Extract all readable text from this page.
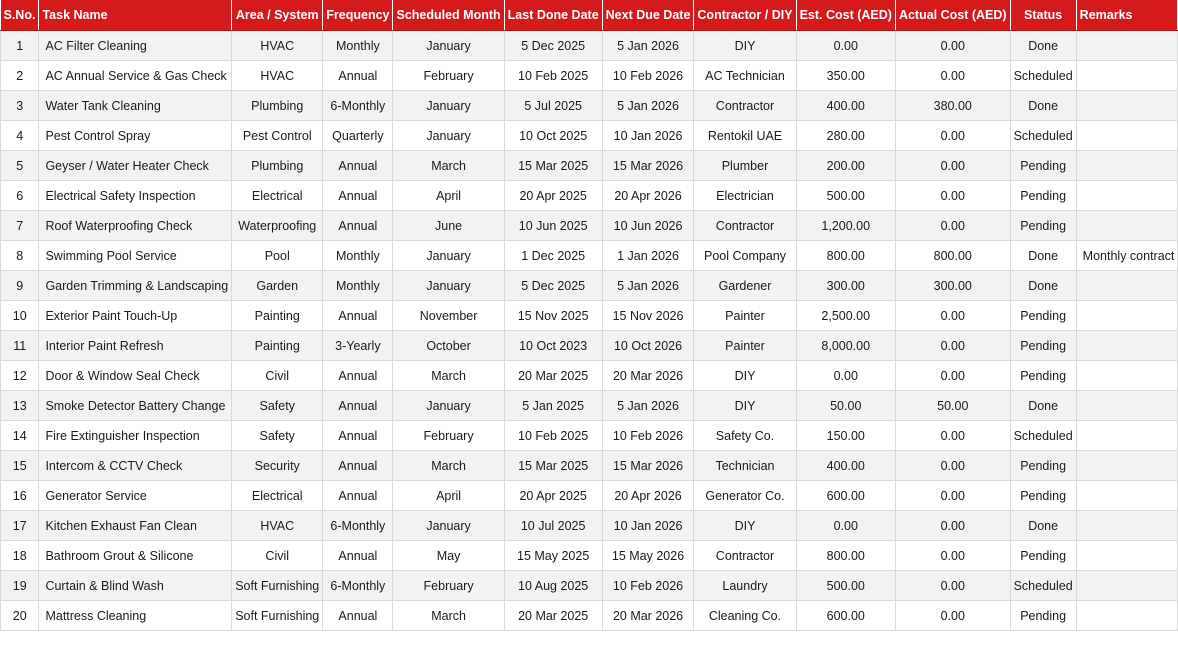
S.No.	Task Name	Area / System	Frequency	Scheduled Month	Last Done Date	Next Due Date	Contractor / DIY	Est. Cost (AED)	Actual Cost (AED)	Status	Remarks
1	AC Filter Cleaning	HVAC	Monthly	January	5 Dec 2025	5 Jan 2026	DIY	0.00	0.00	Done	
2	AC Annual Service & Gas Check	HVAC	Annual	February	10 Feb 2025	10 Feb 2026	AC Technician	350.00	0.00	Scheduled	
3	Water Tank Cleaning	Plumbing	6-Monthly	January	5 Jul 2025	5 Jan 2026	Contractor	400.00	380.00	Done	
4	Pest Control Spray	Pest Control	Quarterly	January	10 Oct 2025	10 Jan 2026	Rentokil UAE	280.00	0.00	Scheduled	
5	Geyser / Water Heater Check	Plumbing	Annual	March	15 Mar 2025	15 Mar 2026	Plumber	200.00	0.00	Pending	
6	Electrical Safety Inspection	Electrical	Annual	April	20 Apr 2025	20 Apr 2026	Electrician	500.00	0.00	Pending	
7	Roof Waterproofing Check	Waterproofing	Annual	June	10 Jun 2025	10 Jun 2026	Contractor	1,200.00	0.00	Pending	
8	Swimming Pool Service	Pool	Monthly	January	1 Dec 2025	1 Jan 2026	Pool Company	800.00	800.00	Done	Monthly contract
9	Garden Trimming & Landscaping	Garden	Monthly	January	5 Dec 2025	5 Jan 2026	Gardener	300.00	300.00	Done	
10	Exterior Paint Touch-Up	Painting	Annual	November	15 Nov 2025	15 Nov 2026	Painter	2,500.00	0.00	Pending	
11	Interior Paint Refresh	Painting	3-Yearly	October	10 Oct 2023	10 Oct 2026	Painter	8,000.00	0.00	Pending	
12	Door & Window Seal Check	Civil	Annual	March	20 Mar 2025	20 Mar 2026	DIY	0.00	0.00	Pending	
13	Smoke Detector Battery Change	Safety	Annual	January	5 Jan 2025	5 Jan 2026	DIY	50.00	50.00	Done	
14	Fire Extinguisher Inspection	Safety	Annual	February	10 Feb 2025	10 Feb 2026	Safety Co.	150.00	0.00	Scheduled	
15	Intercom & CCTV Check	Security	Annual	March	15 Mar 2025	15 Mar 2026	Technician	400.00	0.00	Pending	
16	Generator Service	Electrical	Annual	April	20 Apr 2025	20 Apr 2026	Generator Co.	600.00	0.00	Pending	
17	Kitchen Exhaust Fan Clean	HVAC	6-Monthly	January	10 Jul 2025	10 Jan 2026	DIY	0.00	0.00	Done	
18	Bathroom Grout & Silicone	Civil	Annual	May	15 May 2025	15 May 2026	Contractor	800.00	0.00	Pending	
19	Curtain & Blind Wash	Soft Furnishing	6-Monthly	February	10 Aug 2025	10 Feb 2026	Laundry	500.00	0.00	Scheduled	
20	Mattress Cleaning	Soft Furnishing	Annual	March	20 Mar 2025	20 Mar 2026	Cleaning Co.	600.00	0.00	Pending	
